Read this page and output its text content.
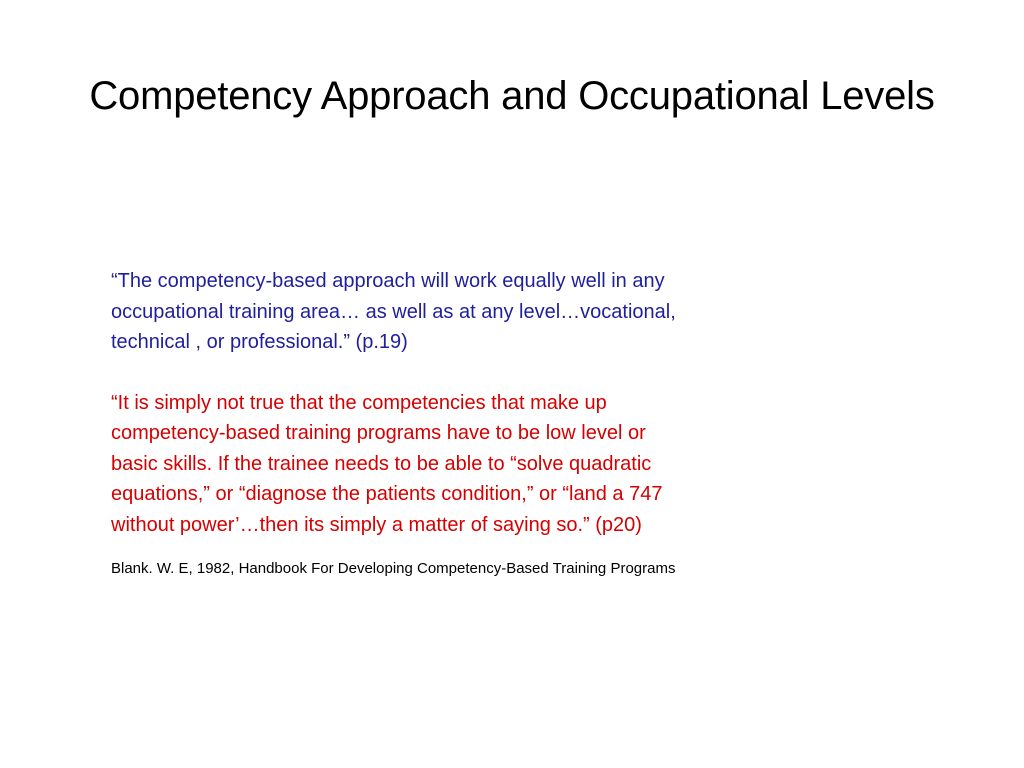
Competency Approach and Occupational Levels

“The competency-based approach will work equally well in any
occupational training area… as well as at any level…vocational,
technical , or professional.” (p.19)

“It is simply not true that the competencies that make up
competency-based training programs have to be low level or
basic skills. If the trainee needs to be able to “solve quadratic
equations,” or “diagnose the patients condition,” or “land a 747
without power’…then its simply a matter of saying so.” (p20)

Blank. W. E, 1982, Handbook For Developing Competency-Based Training Programs
